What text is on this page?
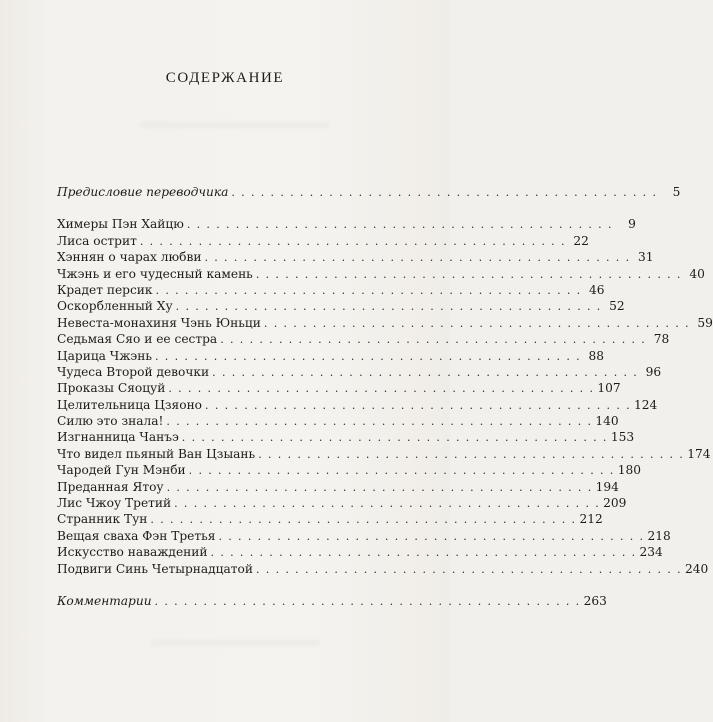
СОДЕРЖАНИЕ
Предисловие переводчика . . . . . . . . . . . . . . . . . . . . . . . . . . . . . . . . . . . . . . . . . . . .	5
Химеры Пэн Хайцю . . . . . . . . . . . . . . . . . . . . . . . . . . . . . . . . . . . . . . . . . . . .	9
Лиса острит . . . . . . . . . . . . . . . . . . . . . . . . . . . . . . . . . . . . . . . . . . . . 22
Хэннян о чарах любви . . . . . . . . . . . . . . . . . . . . . . . . . . . . . . . . . . . . . . . . . . . . 31
Чжэнь и его чудесный камень . . . . . . . . . . . . . . . . . . . . . . . . . . . . . . . . . . . . . . . . . . . . 40
Крадет персик . . . . . . . . . . . . . . . . . . . . . . . . . . . . . . . . . . . . . . . . . . . . 46
Оскорбленный Ху . . . . . . . . . . . . . . . . . . . . . . . . . . . . . . . . . . . . . . . . . . . . 52
Невеста-монахиня Чэнь Юньци . . . . . . . . . . . . . . . . . . . . . . . . . . . . . . . . . . . . . . . . . . . . 59
Седьмая Сяо и ее сестра . . . . . . . . . . . . . . . . . . . . . . . . . . . . . . . . . . . . . . . . . . . . 78
Царица Чжэнь . . . . . . . . . . . . . . . . . . . . . . . . . . . . . . . . . . . . . . . . . . . . 88
Чудеса Второй девочки . . . . . . . . . . . . . . . . . . . . . . . . . . . . . . . . . . . . . . . . . . . . 96
Проказы Сяоцуй . . . . . . . . . . . . . . . . . . . . . . . . . . . . . . . . . . . . . . . . . . . . 107
Целительница Цзяоно . . . . . . . . . . . . . . . . . . . . . . . . . . . . . . . . . . . . . . . . . . . . 124
Силю это знала! . . . . . . . . . . . . . . . . . . . . . . . . . . . . . . . . . . . . . . . . . . . . 140
Изгнанница Чанъэ . . . . . . . . . . . . . . . . . . . . . . . . . . . . . . . . . . . . . . . . . . . . 153
Что видел пьяный Ван Цзыань . . . . . . . . . . . . . . . . . . . . . . . . . . . . . . . . . . . . . . . . . . . . 174
Чародей Гун Мэнби . . . . . . . . . . . . . . . . . . . . . . . . . . . . . . . . . . . . . . . . . . . . 180
Преданная Ятоу . . . . . . . . . . . . . . . . . . . . . . . . . . . . . . . . . . . . . . . . . . . . 194
Лис Чжоу Третий . . . . . . . . . . . . . . . . . . . . . . . . . . . . . . . . . . . . . . . . . . . . 209
Странник Тун . . . . . . . . . . . . . . . . . . . . . . . . . . . . . . . . . . . . . . . . . . . . 212
Вещая сваха Фэн Третья . . . . . . . . . . . . . . . . . . . . . . . . . . . . . . . . . . . . . . . . . . . . 218
Искусство наваждений . . . . . . . . . . . . . . . . . . . . . . . . . . . . . . . . . . . . . . . . . . . . 234
Подвиги Синь Четырнадцатой . . . . . . . . . . . . . . . . . . . . . . . . . . . . . . . . . . . . . . . . . . . . 240
Комментарии . . . . . . . . . . . . . . . . . . . . . . . . . . . . . . . . . . . . . . . . . . . . 263
